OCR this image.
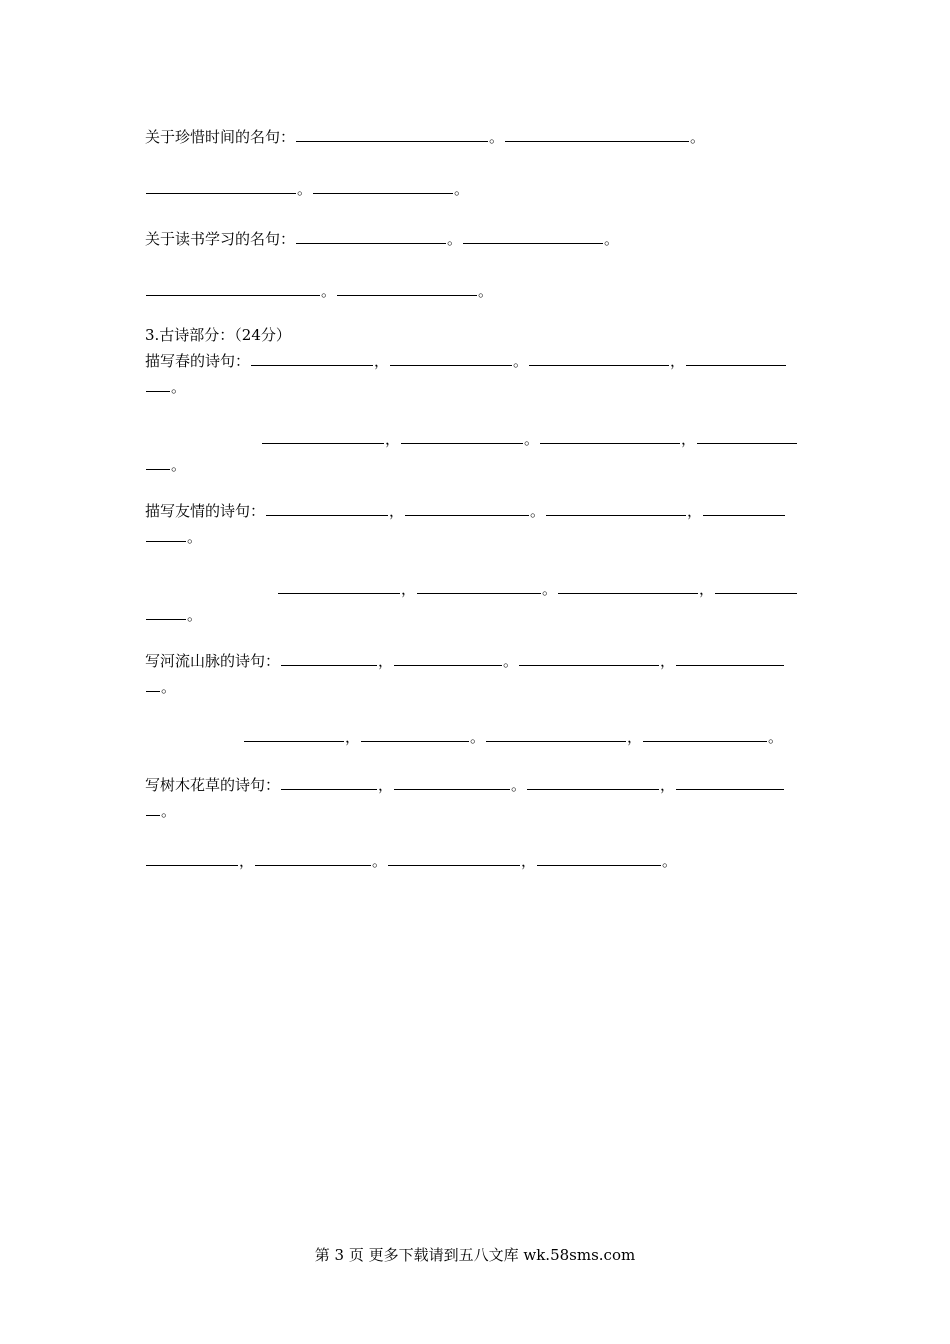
关于珍惜时间的名句：	。	。
。	。
关于读书学习的名句：	。	。
。	。
3.古诗部分：（24分）
描写春的诗句：	，	。	，
。
，	。	，
。
描写友情的诗句：	，	。	，
。
，	。	，
。
写河流山脉的诗句：	，	。	，
。
，	。	，	。
写树木花草的诗句：	，	。	，
。
，	。	，	。
第 3 页 更多下载请到五八文库 wk.58sms.com
